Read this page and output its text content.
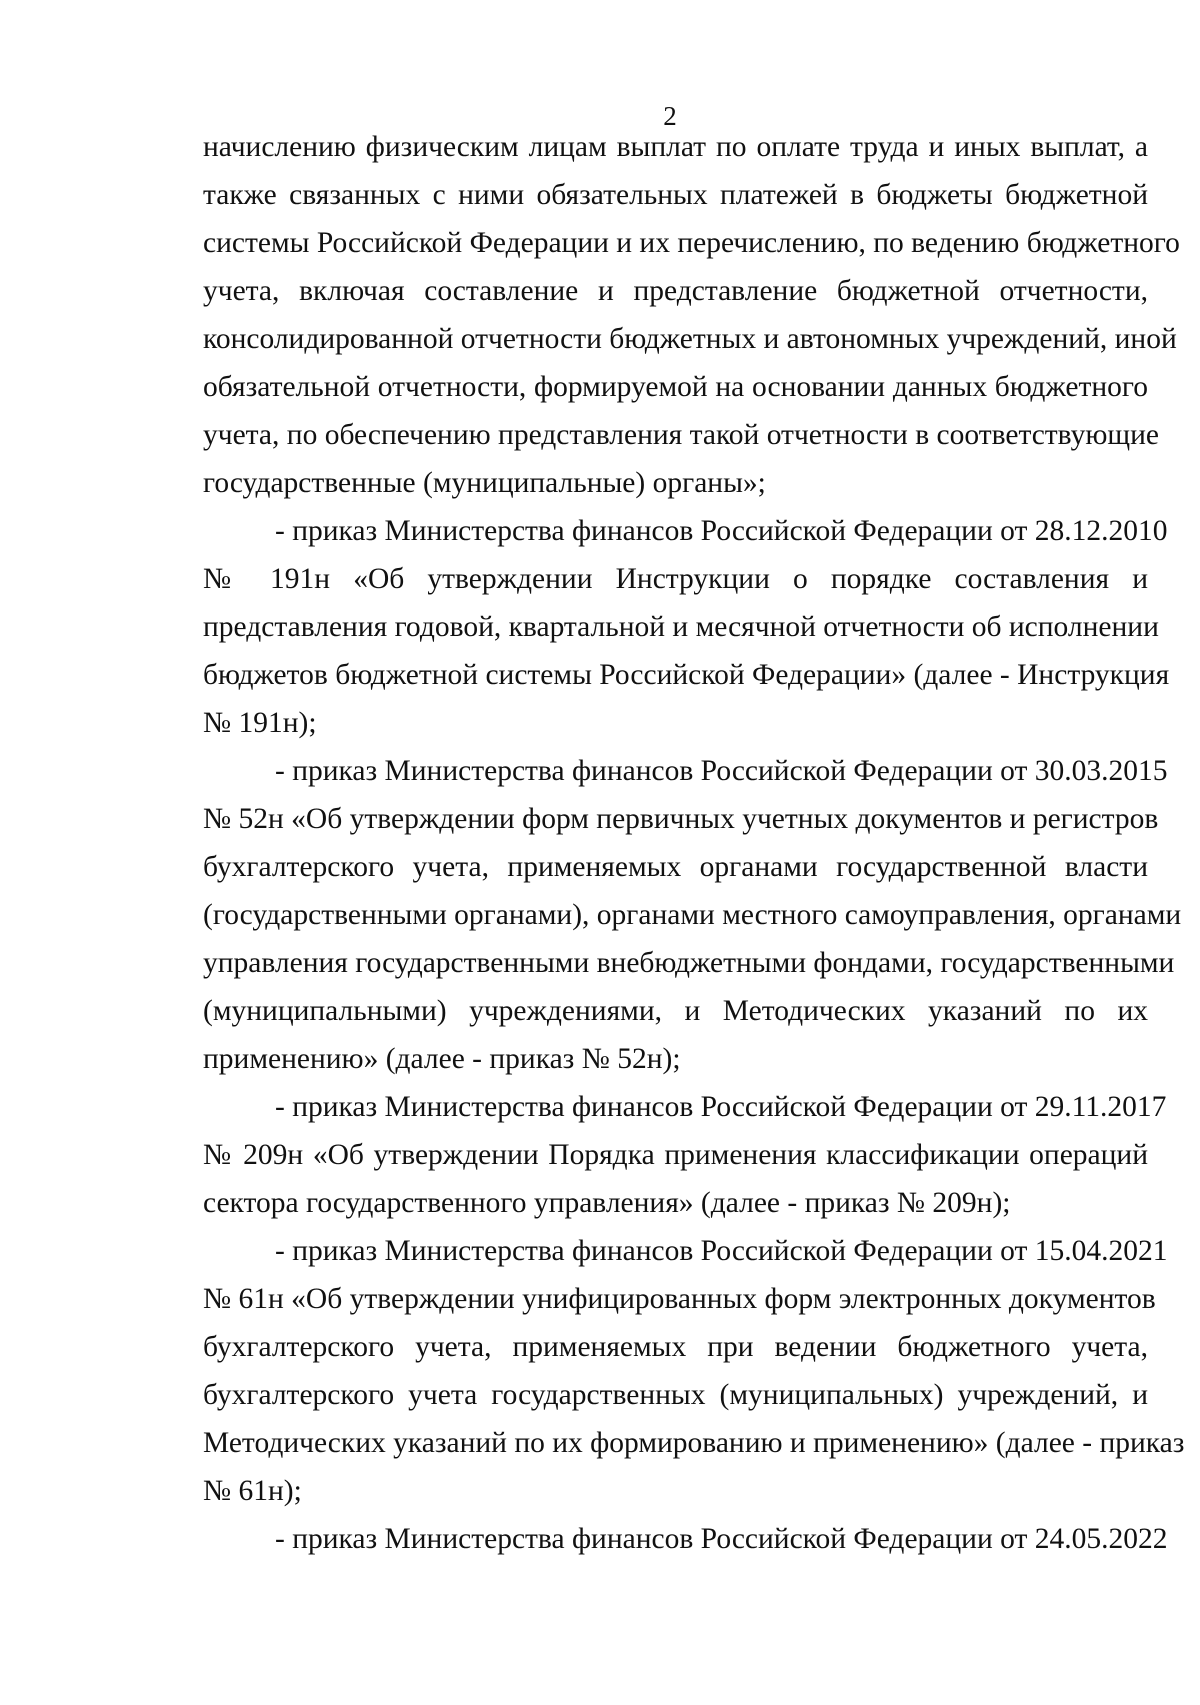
2
начислению физическим лицам выплат по оплате труда и иных выплат, а
также связанных с ними обязательных платежей в бюджеты бюджетной
системы Российской Федерации и их перечислению, по ведению бюджетного
учета, включая составление и представление бюджетной отчетности,
консолидированной отчетности бюджетных и автономных учреждений, иной
обязательной отчетности, формируемой на основании данных бюджетного
учета, по обеспечению представления такой отчетности в соответствующие
государственные (муниципальные) органы»;
- приказ Министерства финансов Российской Федерации от 28.12.2010
№ 191н «Об утверждении Инструкции о порядке составления и
представления годовой, квартальной и месячной отчетности об исполнении
бюджетов бюджетной системы Российской Федерации» (далее - Инструкция
№ 191н);
- приказ Министерства финансов Российской Федерации от 30.03.2015
№ 52н «Об утверждении форм первичных учетных документов и регистров
бухгалтерского учета, применяемых органами государственной власти
(государственными органами), органами местного самоуправления, органами
управления государственными внебюджетными фондами, государственными
(муниципальными) учреждениями, и Методических указаний по их
применению» (далее - приказ № 52н);
- приказ Министерства финансов Российской Федерации от 29.11.2017
№ 209н «Об утверждении Порядка применения классификации операций
сектора государственного управления» (далее - приказ № 209н);
- приказ Министерства финансов Российской Федерации от 15.04.2021
№ 61н «Об утверждении унифицированных форм электронных документов
бухгалтерского учета, применяемых при ведении бюджетного учета,
бухгалтерского учета государственных (муниципальных) учреждений, и
Методических указаний по их формированию и применению» (далее - приказ
№ 61н);
- приказ Министерства финансов Российской Федерации от 24.05.2022
